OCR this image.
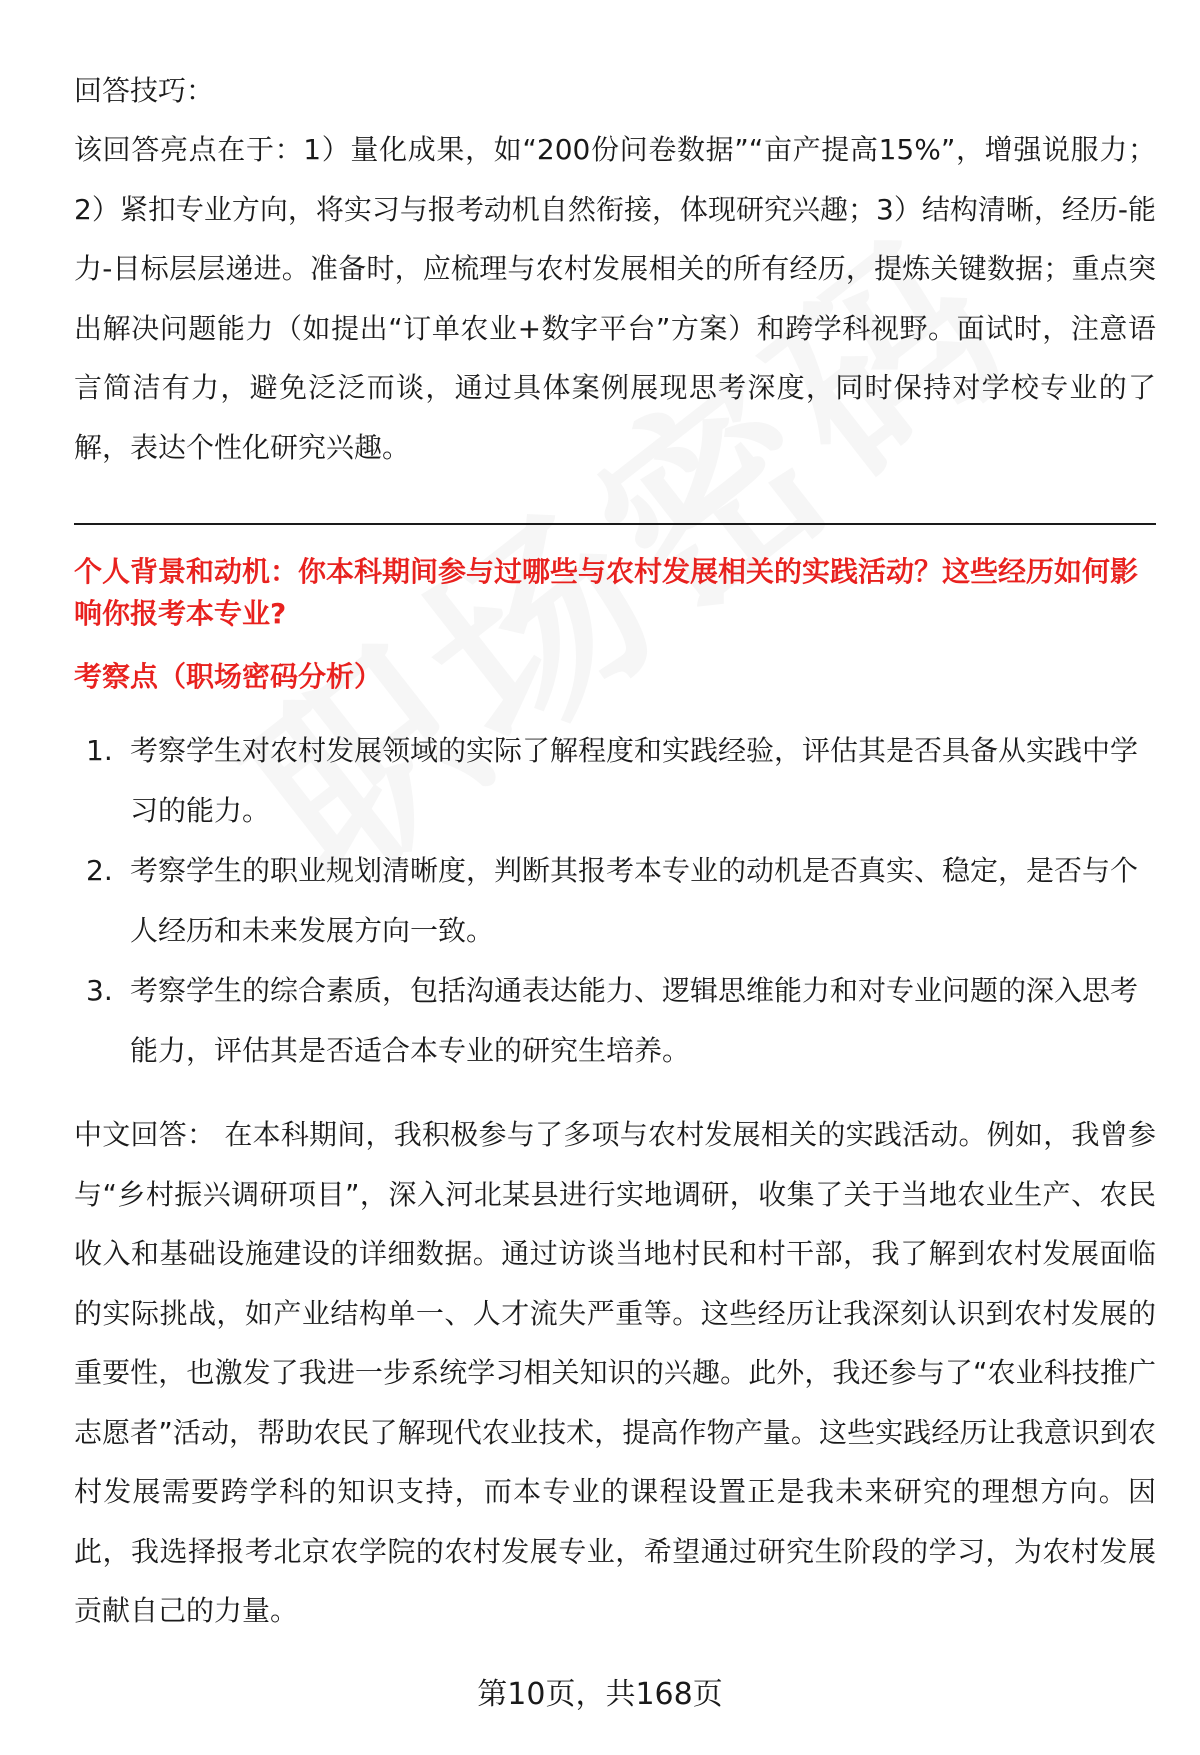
回答技巧：

该回答亮点在于：1）量化成果，如“200份问卷数据”“亩产提高15%”，增强说服力；2）紧扣专业方向，将实习与报考动机自然衔接，体现研究兴趣；3）结构清晰，经历-能力-目标层层递进。准备时，应梳理与农村发展相关的所有经历，提炼关键数据；重点突出解决问题能力（如提出“订单农业+数字平台”方案）和跨学科视野。面试时，注意语言简洁有力，避免泛泛而谈，通过具体案例展现思考深度，同时保持对学校专业的了解，表达个性化研究兴趣。

个人背景和动机：你本科期间参与过哪些与农村发展相关的实践活动？这些经历如何影响你报考本专业?

考察点（职场密码分析）

1. 考察学生对农村发展领域的实际了解程度和实践经验，评估其是否具备从实践中学习的能力。
2. 考察学生的职业规划清晰度，判断其报考本专业的动机是否真实、稳定，是否与个人经历和未来发展方向一致。
3. 考察学生的综合素质，包括沟通表达能力、逻辑思维能力和对专业问题的深入思考能力，评估其是否适合本专业的研究生培养。

中文回答： 在本科期间，我积极参与了多项与农村发展相关的实践活动。例如，我曾参与“乡村振兴调研项目”，深入河北某县进行实地调研，收集了关于当地农业生产、农民收入和基础设施建设的详细数据。通过访谈当地村民和村干部，我了解到农村发展面临的实际挑战，如产业结构单一、人才流失严重等。这些经历让我深刻认识到农村发展的重要性，也激发了我进一步系统学习相关知识的兴趣。此外，我还参与了“农业科技推广志愿者”活动，帮助农民了解现代农业技术，提高作物产量。这些实践经历让我意识到农村发展需要跨学科的知识支持，而本专业的课程设置正是我未来研究的理想方向。因此，我选择报考北京农学院的农村发展专业，希望通过研究生阶段的学习，为农村发展贡献自己的力量。

第10页，共168页
